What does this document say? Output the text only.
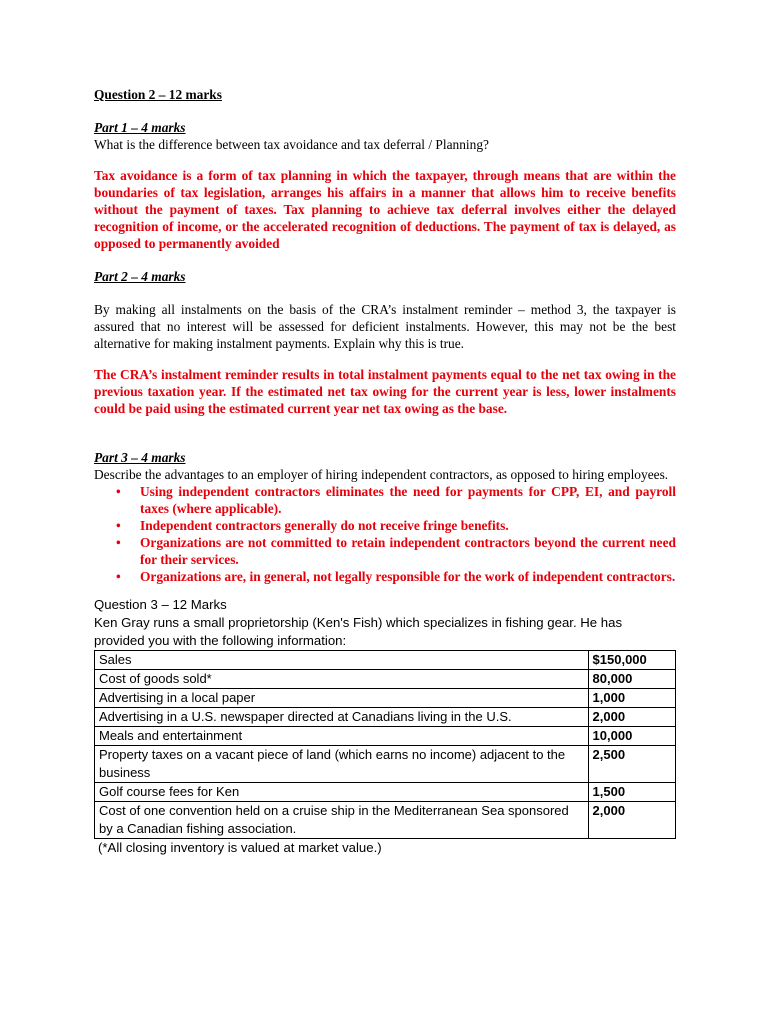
Question 2 – 12 marks

Part 1 – 4 marks

What is the difference between tax avoidance and tax deferral / Planning?

Tax avoidance is a form of tax planning in which the taxpayer, through means that are within the boundaries of tax legislation, arranges his affairs in a manner that allows him to receive benefits without the payment of taxes. Tax planning to achieve tax deferral involves either the delayed recognition of income, or the accelerated recognition of deductions. The payment of tax is delayed, as opposed to permanently avoided

Part 2 – 4 marks

By making all instalments on the basis of the CRA’s instalment reminder – method 3, the taxpayer is assured that no interest will be assessed for deficient instalments. However, this may not be the best alternative for making instalment payments. Explain why this is true.

The CRA’s instalment reminder results in total instalment payments equal to the net tax owing in the previous taxation year. If the estimated net tax owing for the current year is less, lower instalments could be paid using the estimated current year net tax owing as the base.

Part 3 – 4 marks

Describe the advantages to an employer of hiring independent contractors, as opposed to hiring employees.

• Using independent contractors eliminates the need for payments for CPP, EI, and payroll taxes (where applicable).
• Independent contractors generally do not receive fringe benefits.
• Organizations are not committed to retain independent contractors beyond the current need for their services.
• Organizations are, in general, not legally responsible for the work of independent contractors.

Question 3 – 12 Marks

Ken Gray runs a small proprietorship (Ken's Fish) which specializes in fishing gear. He has provided you with the following information:

Sales	$150,000
Cost of goods sold*	80,000
Advertising in a local paper	1,000
Advertising in a U.S. newspaper directed at Canadians living in the U.S.	2,000
Meals and entertainment	10,000
Property taxes on a vacant piece of land (which earns no income) adjacent to the business	2,500
Golf course fees for Ken	1,500
Cost of one convention held on a cruise ship in the Mediterranean Sea sponsored by a Canadian fishing association.	2,000

(*All closing inventory is valued at market value.)
